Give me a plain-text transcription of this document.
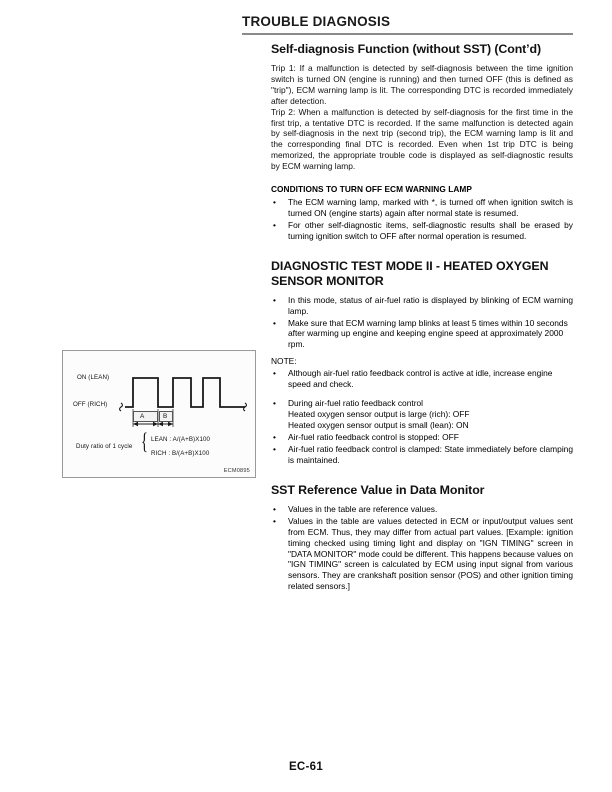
TROUBLE DIAGNOSIS
ON (LEAN)
OFF (RICH)
A	B
Duty ratio of 1 cycle { LEAN : A/(A+B)X100
RICH : B/(A+B)X100
ECM0895
Self-diagnosis Function (without SST) (Cont’d)

Trip 1: If a malfunction is detected by self-diagnosis between the time ignition switch is turned ON (engine is running) and then turned OFF (this is defined as "trip"), ECM warning lamp is lit. The corresponding DTC is recorded immediately after detection.

Trip 2: When a malfunction is detected by self-diagnosis for the first time in the first trip, a tentative DTC is recorded. If the same malfunction is detected again by self-diagnosis in the next trip (second trip), the ECM warning lamp is lit and the corresponding final DTC is recorded. Even when 1st trip DTC is being memorized, the appropriate trouble code is displayed as self-diagnostic results by ECM warning lamp.

CONDITIONS TO TURN OFF ECM WARNING LAMP
• The ECM warning lamp, marked with *, is turned off when ignition switch is turned ON (engine starts) again after normal state is resumed.
• For other self-diagnostic items, self-diagnostic results shall be erased by turning ignition switch to OFF after normal operation is resumed.
DIAGNOSTIC TEST MODE II - HEATED OXYGEN
SENSOR MONITOR
• In this mode, status of air-fuel ratio is displayed by blinking of ECM warning lamp.
• Make sure that ECM warning lamp blinks at least 5 times within 10 seconds after warming up engine and keeping engine speed at approximately 2000 rpm.

NOTE:

• Although air-fuel ratio feedback control is active at idle, increase engine speed and check.
• During air-fuel ratio feedback control
Heated oxygen sensor output is large (rich): OFF
Heated oxygen sensor output is small (lean): ON
• Air-fuel ratio feedback control is stopped: OFF
• Air-fuel ratio feedback control is clamped: State immediately before clamping is maintained.
SST Reference Value in Data Monitor
• Values in the table are reference values.
• Values in the table are values detected in ECM or input/output values sent from ECM. Thus, they may differ from actual part values. [Example: ignition timing checked using timing light and display on "IGN TIMING" screen in "DATA MONITOR" mode could be different. This happens because values on "IGN TIMING" screen is calculated by ECM using input signal from various sensors. They are crankshaft position sensor (POS) and other ignition timing related sensors.]
EC-61
